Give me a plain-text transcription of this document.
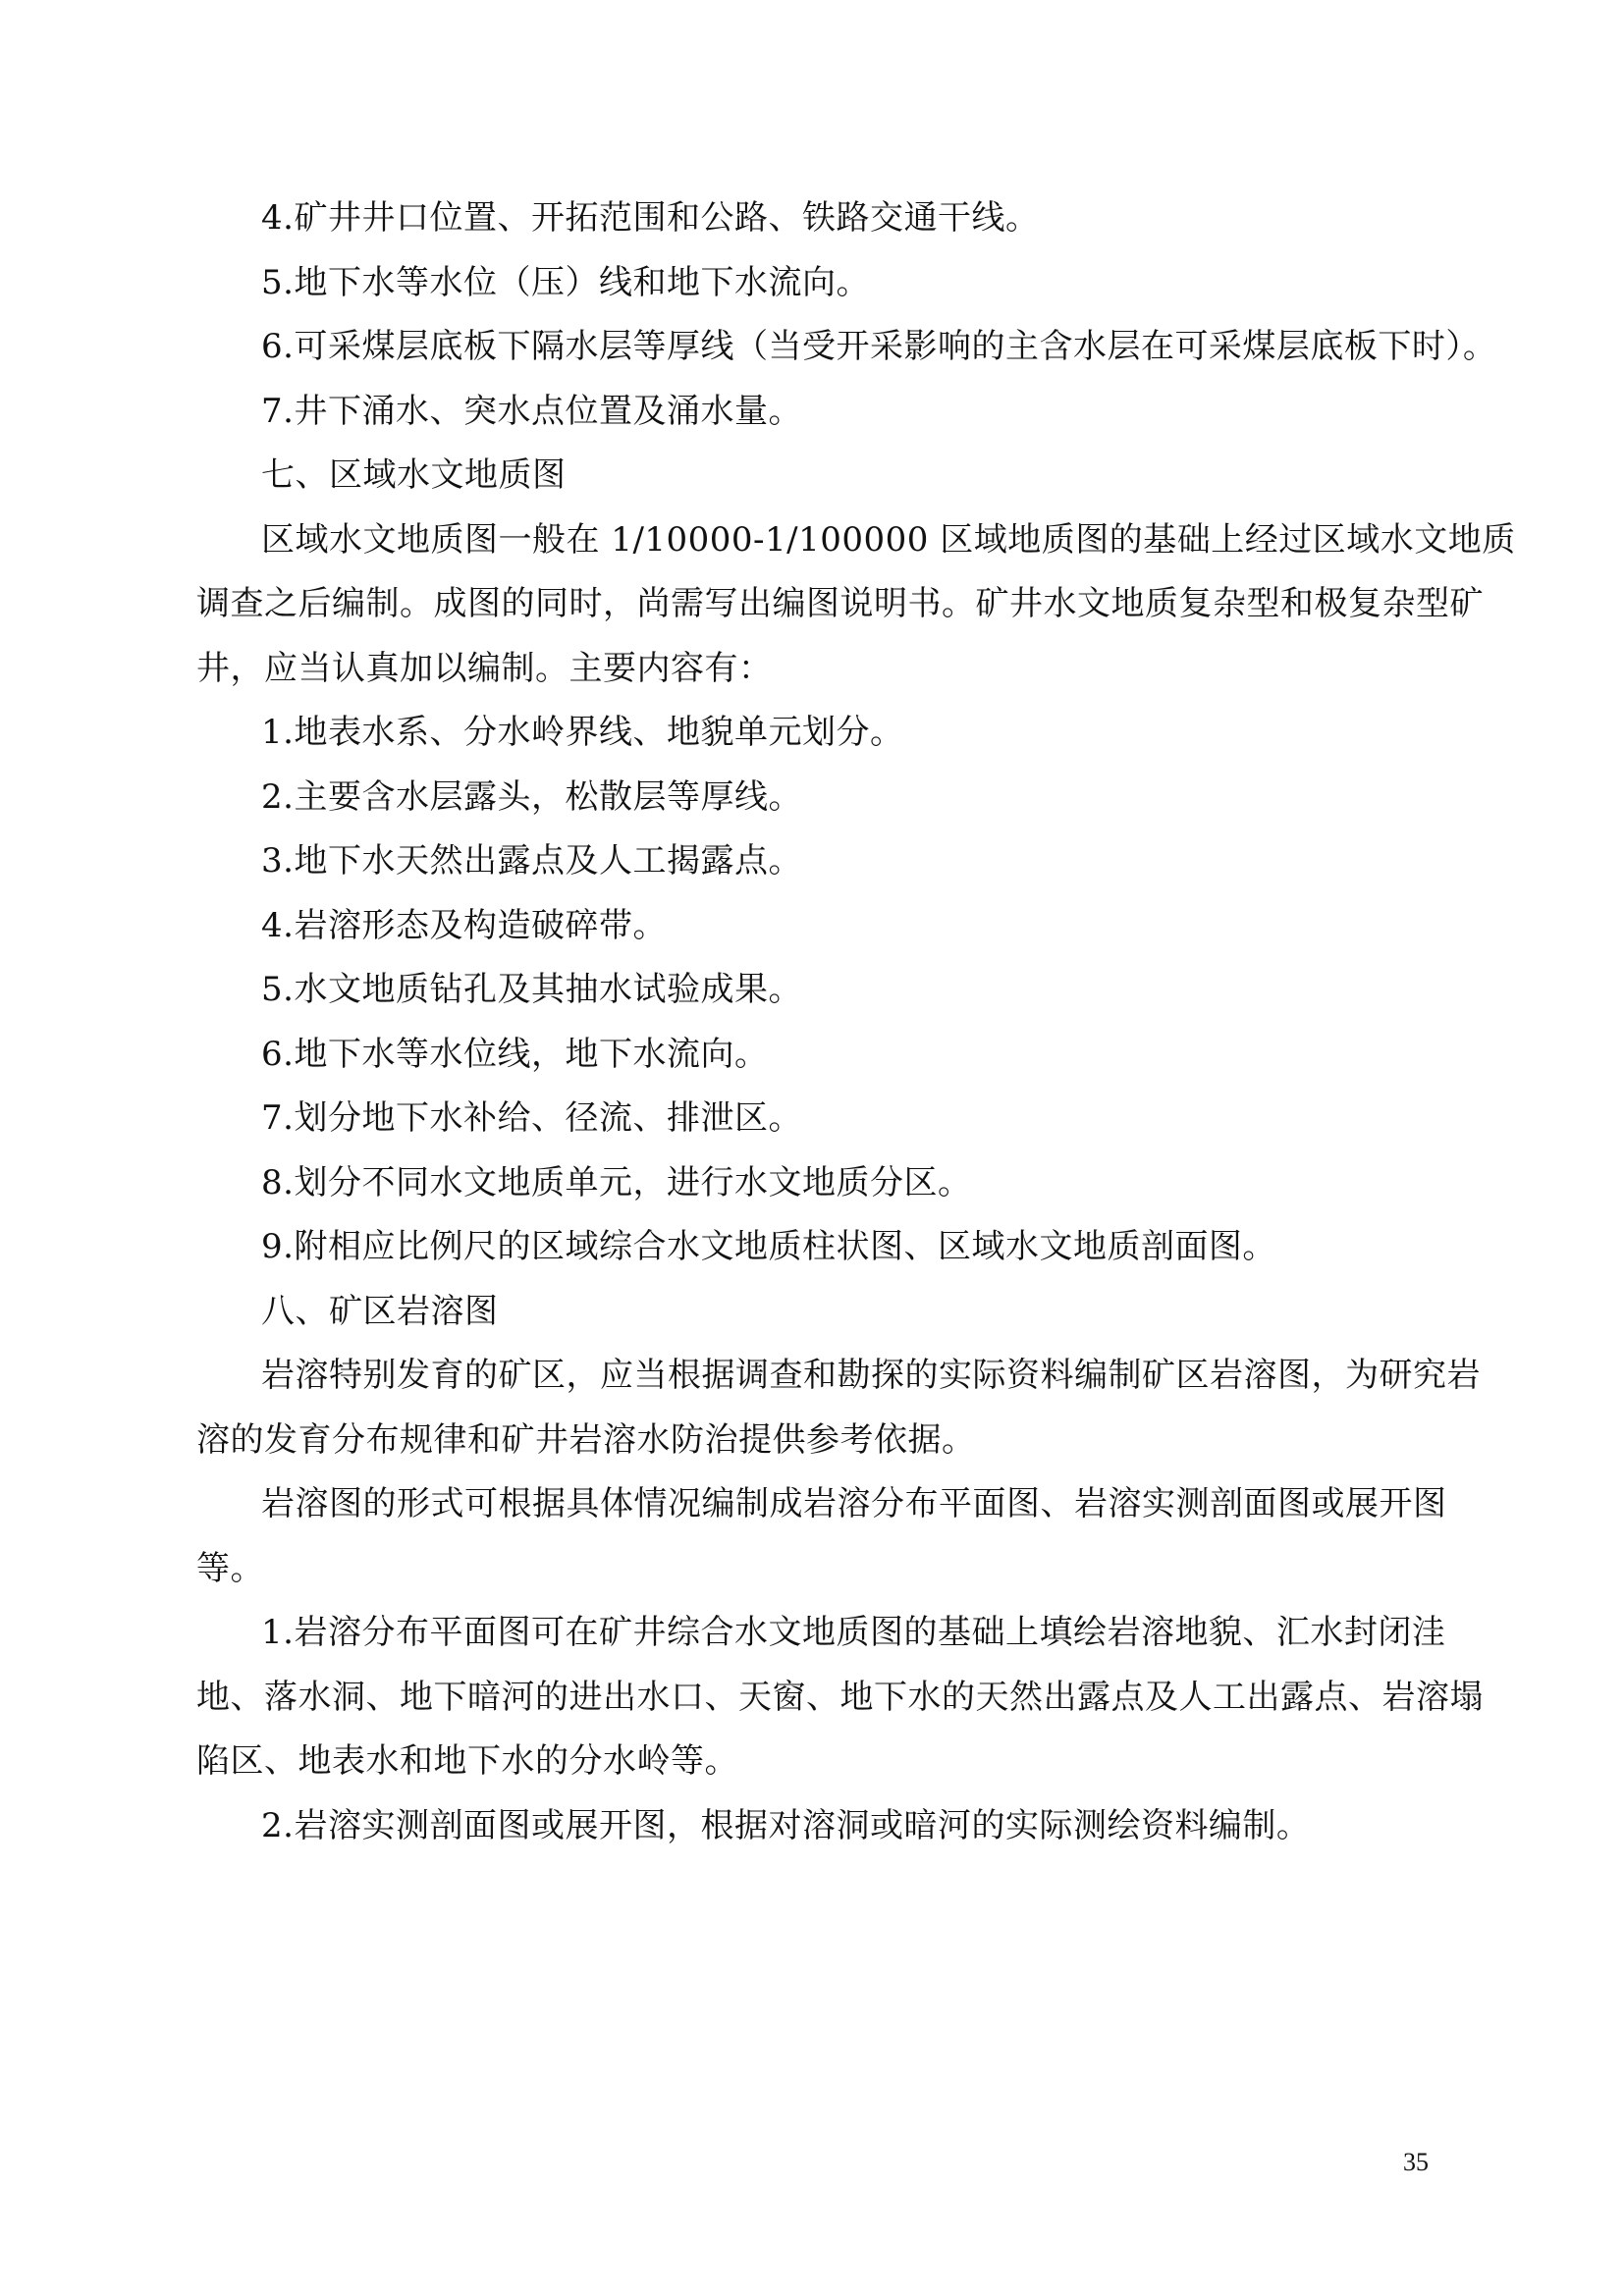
4.矿井井口位置、开拓范围和公路、铁路交通干线。

5.地下水等水位（压）线和地下水流向。

6.可采煤层底板下隔水层等厚线（当受开采影响的主含水层在可采煤层底板下时）。

7.井下涌水、突水点位置及涌水量。

七、区域水文地质图

区域水文地质图一般在 1/10000-1/100000 区域地质图的基础上经过区域水文地质

调查之后编制。成图的同时，尚需写出编图说明书。矿井水文地质复杂型和极复杂型矿

井，应当认真加以编制。主要内容有：

1.地表水系、分水岭界线、地貌单元划分。

2.主要含水层露头，松散层等厚线。

3.地下水天然出露点及人工揭露点。

4.岩溶形态及构造破碎带。

5.水文地质钻孔及其抽水试验成果。

6.地下水等水位线，地下水流向。

7.划分地下水补给、径流、排泄区。

8.划分不同水文地质单元，进行水文地质分区。

9.附相应比例尺的区域综合水文地质柱状图、区域水文地质剖面图。

八、矿区岩溶图

岩溶特别发育的矿区，应当根据调查和勘探的实际资料编制矿区岩溶图，为研究岩

溶的发育分布规律和矿井岩溶水防治提供参考依据。

岩溶图的形式可根据具体情况编制成岩溶分布平面图、岩溶实测剖面图或展开图

等。

1.岩溶分布平面图可在矿井综合水文地质图的基础上填绘岩溶地貌、汇水封闭洼

地、落水洞、地下暗河的进出水口、天窗、地下水的天然出露点及人工出露点、岩溶塌

陷区、地表水和地下水的分水岭等。

2.岩溶实测剖面图或展开图，根据对溶洞或暗河的实际测绘资料编制。

35
